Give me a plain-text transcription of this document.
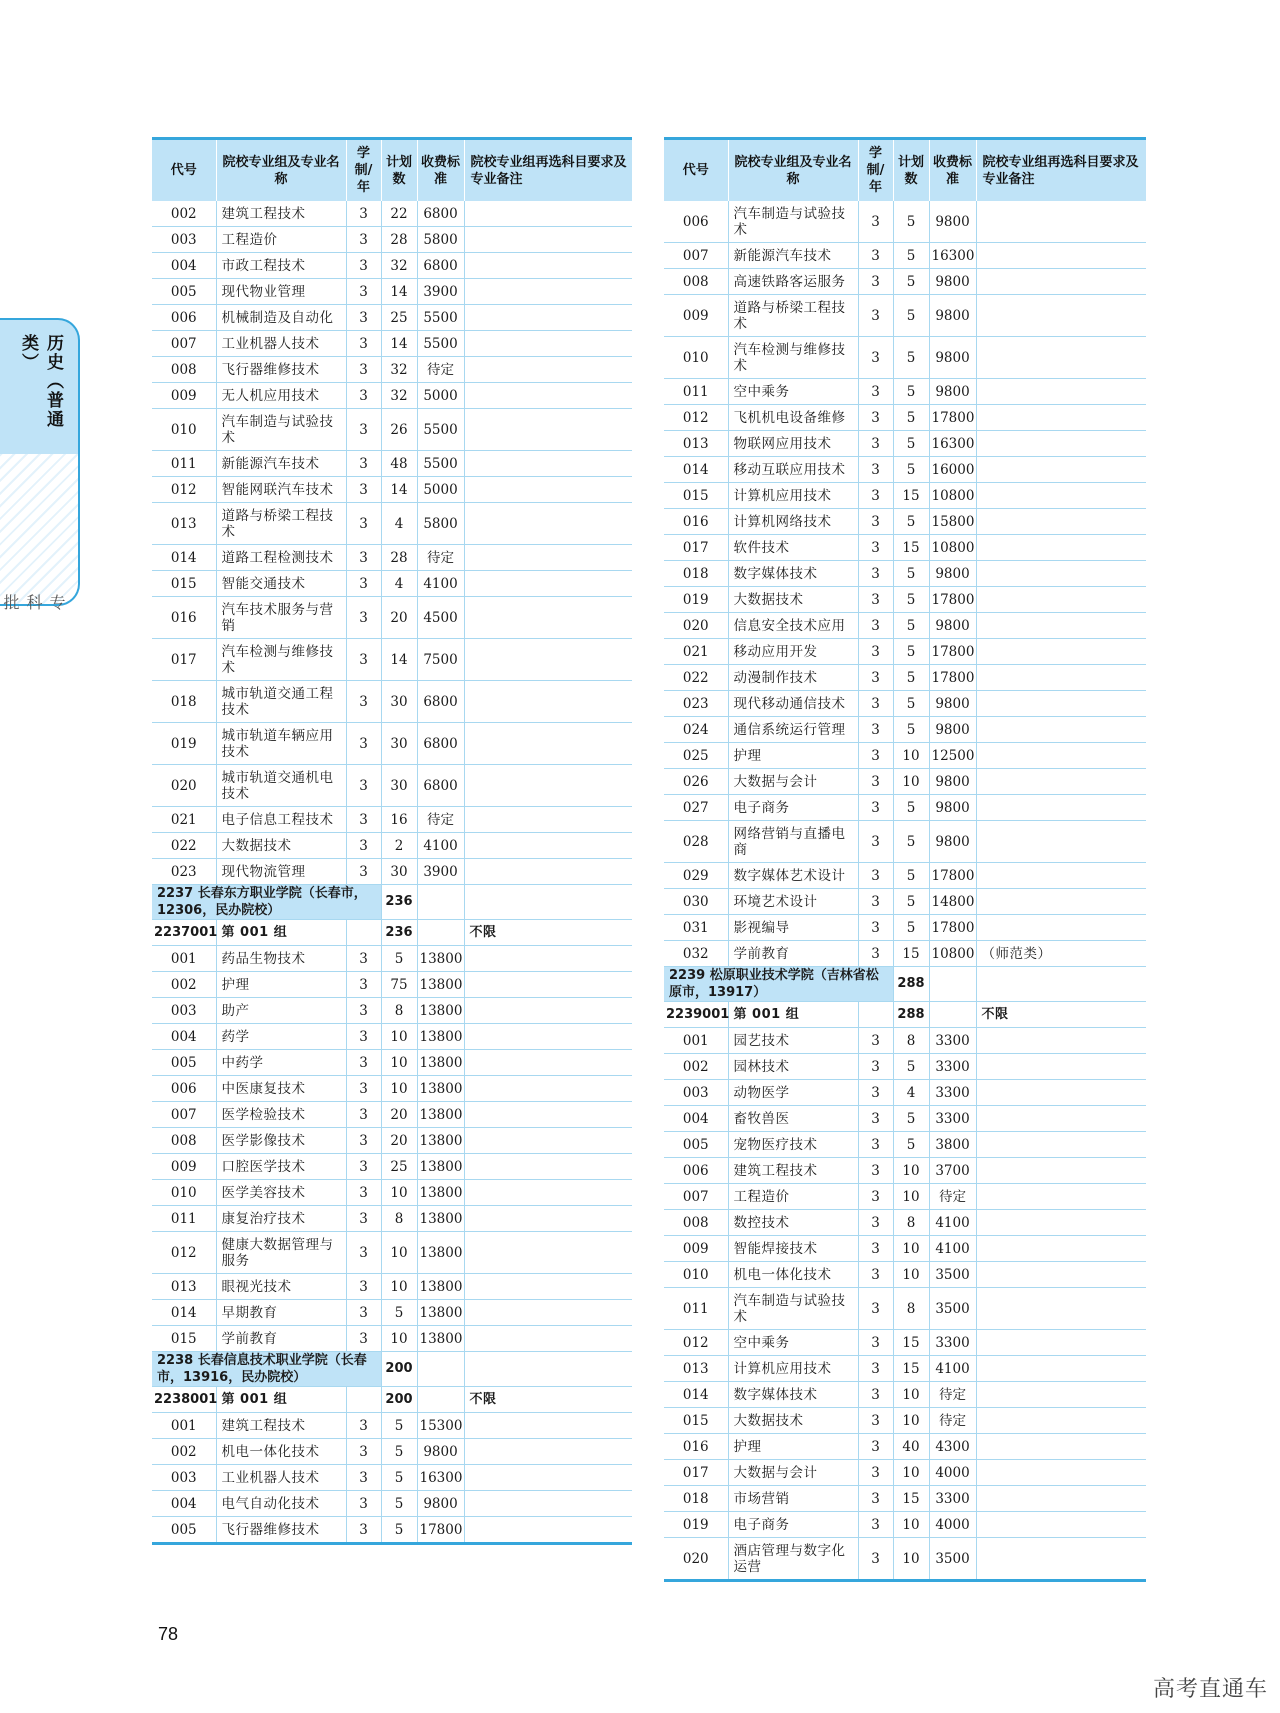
历史（普通类）
专科批
代号	院校专业组及专业名称	学制/年	计划数	收费标准	院校专业组再选科目要求及专业备注
002	建筑工程技术	3	22	6800	
003	工程造价	3	28	5800	
004	市政工程技术	3	32	6800	
005	现代物业管理	3	14	3900	
006	机械制造及自动化	3	25	5500	
007	工业机器人技术	3	14	5500	
008	飞行器维修技术	3	32	待定	
009	无人机应用技术	3	32	5000	
010	汽车制造与试验技术	3	26	5500	
011	新能源汽车技术	3	48	5500	
012	智能网联汽车技术	3	14	5000	
013	道路与桥梁工程技术	3	4	5800	
014	道路工程检测技术	3	28	待定	
015	智能交通技术	3	4	4100	
016	汽车技术服务与营销	3	20	4500	
017	汽车检测与维修技术	3	14	7500	
018	城市轨道交通工程技术	3	30	6800	
019	城市轨道车辆应用技术	3	30	6800	
020	城市轨道交通机电技术	3	30	6800	
021	电子信息工程技术	3	16	待定	
022	大数据技术	3	2	4100	
023	现代物流管理	3	30	3900	
2237 长春东方职业学院（长春市，12306，民办院校）			236		
2237001	第 001 组		236		不限
001	药品生物技术	3	5	13800	
002	护理	3	75	13800	
003	助产	3	8	13800	
004	药学	3	10	13800	
005	中药学	3	10	13800	
006	中医康复技术	3	10	13800	
007	医学检验技术	3	20	13800	
008	医学影像技术	3	20	13800	
009	口腔医学技术	3	25	13800	
010	医学美容技术	3	10	13800	
011	康复治疗技术	3	8	13800	
012	健康大数据管理与服务	3	10	13800	
013	眼视光技术	3	10	13800	
014	早期教育	3	5	13800	
015	学前教育	3	10	13800	
2238 长春信息技术职业学院（长春市，13916，民办院校）			200		
2238001	第 001 组		200		不限
001	建筑工程技术	3	5	15300	
002	机电一体化技术	3	5	9800	
003	工业机器人技术	3	5	16300	
004	电气自动化技术	3	5	9800	
005	飞行器维修技术	3	5	17800	
代号	院校专业组及专业名称	学制/年	计划数	收费标准	院校专业组再选科目要求及专业备注
006	汽车制造与试验技术	3	5	9800	
007	新能源汽车技术	3	5	16300	
008	高速铁路客运服务	3	5	9800	
009	道路与桥梁工程技术	3	5	9800	
010	汽车检测与维修技术	3	5	9800	
011	空中乘务	3	5	9800	
012	飞机机电设备维修	3	5	17800	
013	物联网应用技术	3	5	16300	
014	移动互联应用技术	3	5	16000	
015	计算机应用技术	3	15	10800	
016	计算机网络技术	3	5	15800	
017	软件技术	3	15	10800	
018	数字媒体技术	3	5	9800	
019	大数据技术	3	5	17800	
020	信息安全技术应用	3	5	9800	
021	移动应用开发	3	5	17800	
022	动漫制作技术	3	5	17800	
023	现代移动通信技术	3	5	9800	
024	通信系统运行管理	3	5	9800	
025	护理	3	10	12500	
026	大数据与会计	3	10	9800	
027	电子商务	3	5	9800	
028	网络营销与直播电商	3	5	9800	
029	数字媒体艺术设计	3	5	17800	
030	环境艺术设计	3	5	14800	
031	影视编导	3	5	17800	
032	学前教育	3	15	10800	（师范类）
2239 松原职业技术学院（吉林省松原市，13917）			288		
2239001	第 001 组		288		不限
001	园艺技术	3	8	3300	
002	园林技术	3	5	3300	
003	动物医学	3	4	3300	
004	畜牧兽医	3	5	3300	
005	宠物医疗技术	3	5	3800	
006	建筑工程技术	3	10	3700	
007	工程造价	3	10	待定	
008	数控技术	3	8	4100	
009	智能焊接技术	3	10	4100	
010	机电一体化技术	3	10	3500	
011	汽车制造与试验技术	3	8	3500	
012	空中乘务	3	15	3300	
013	计算机应用技术	3	15	4100	
014	数字媒体技术	3	10	待定	
015	大数据技术	3	10	待定	
016	护理	3	40	4300	
017	大数据与会计	3	10	4000	
018	市场营销	3	15	3300	
019	电子商务	3	10	4000	
020	酒店管理与数字化运营	3	10	3500	
78
高考直通车
